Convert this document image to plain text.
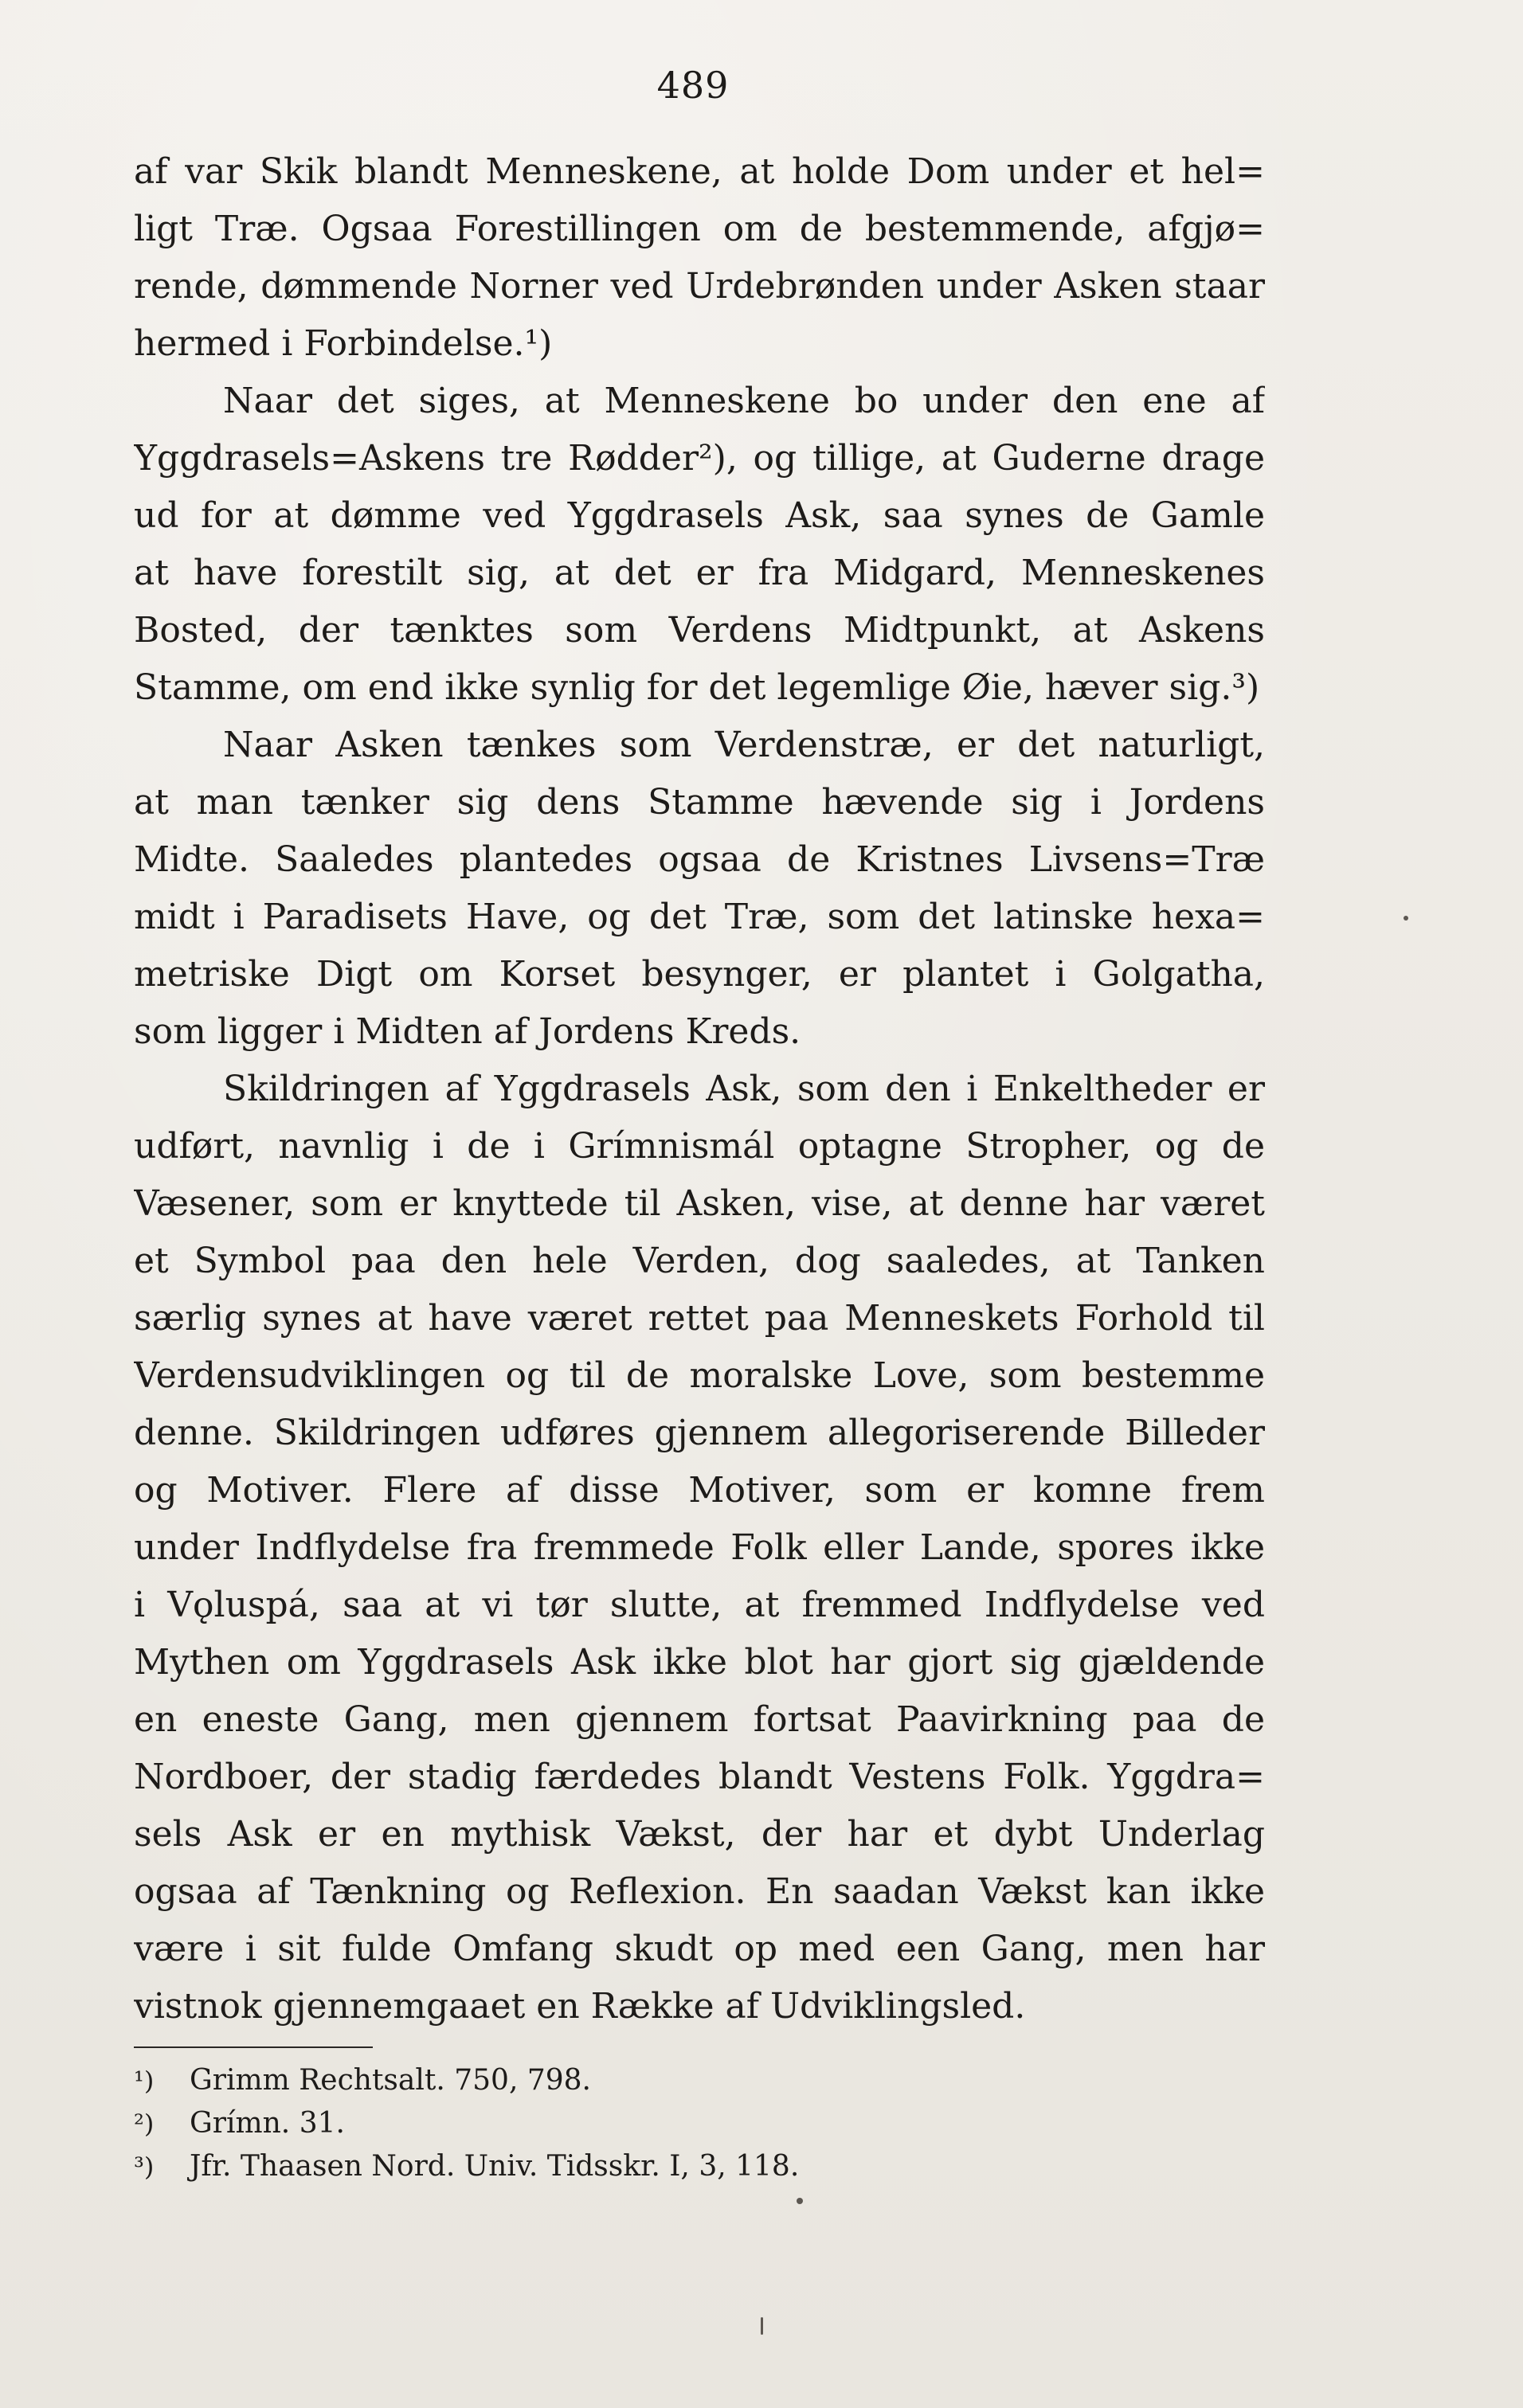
489
af var Skik blandt Menneskene, at holde Dom under et hel=
ligt Træ. Ogsaa Forestillingen om de bestemmende, afgjø=
rende, dømmende Norner ved Urdebrønden under Asken staar
hermed i Forbindelse.¹)
Naar det siges, at Menneskene bo under den ene af
Yggdrasels=Askens tre Rødder²), og tillige, at Guderne drage
ud for at dømme ved Yggdrasels Ask, saa synes de Gamle
at have forestilt sig, at det er fra Midgard, Menneskenes
Bosted, der tænktes som Verdens Midtpunkt, at Askens
Stamme, om end ikke synlig for det legemlige Øie, hæver sig.³)
Naar Asken tænkes som Verdenstræ, er det naturligt,
at man tænker sig dens Stamme hævende sig i Jordens
Midte. Saaledes plantedes ogsaa de Kristnes Livsens=Træ
midt i Paradisets Have, og det Træ, som det latinske hexa=
metriske Digt om Korset besynger, er plantet i Golgatha,
som ligger i Midten af Jordens Kreds.
Skildringen af Yggdrasels Ask, som den i Enkeltheder er
udført, navnlig i de i Grímnismál optagne Stropher, og de
Væsener, som er knyttede til Asken, vise, at denne har været
et Symbol paa den hele Verden, dog saaledes, at Tanken
særlig synes at have været rettet paa Menneskets Forhold til
Verdensudviklingen og til de moralske Love, som bestemme
denne. Skildringen udføres gjennem allegoriserende Billeder
og Motiver. Flere af disse Motiver, som er komne frem
under Indflydelse fra fremmede Folk eller Lande, spores ikke
i Vǫluspá, saa at vi tør slutte, at fremmed Indflydelse ved
Mythen om Yggdrasels Ask ikke blot har gjort sig gjældende
en eneste Gang, men gjennem fortsat Paavirkning paa de
Nordboer, der stadig færdedes blandt Vestens Folk. Yggdra=
sels Ask er en mythisk Vækst, der har et dybt Underlag
ogsaa af Tænkning og Reflexion. En saadan Vækst kan ikke
være i sit fulde Omfang skudt op med een Gang, men har
vistnok gjennemgaaet en Række af Udviklingsled.
¹) Grimm Rechtsalt. 750, 798.
²) Grímn. 31.
³) Jfr. Thaasen Nord. Univ. Tidsskr. I, 3, 118.
